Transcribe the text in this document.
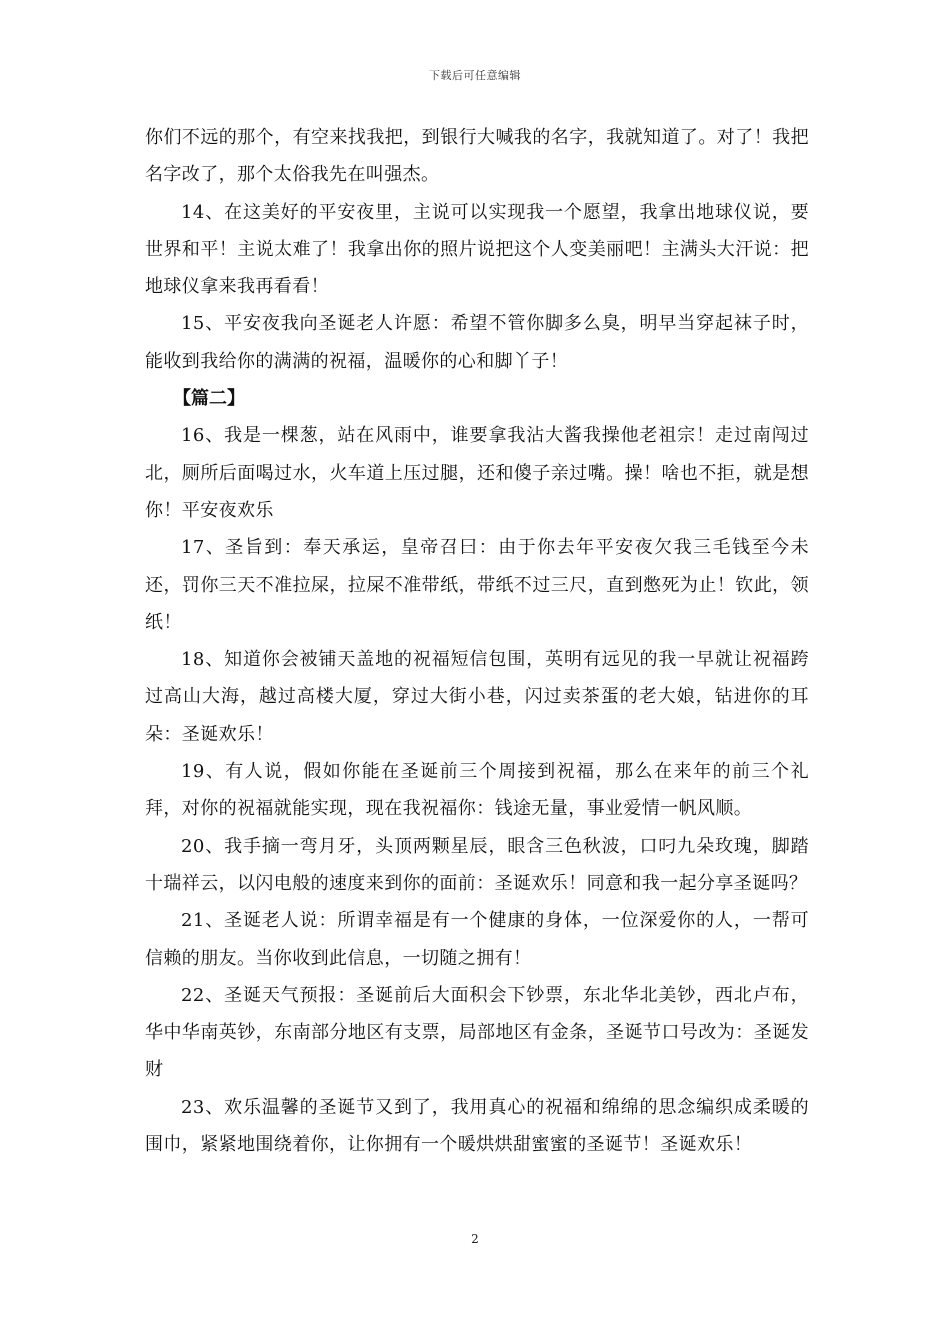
下载后可任意编辑

你们不远的那个，有空来找我把，到银行大喊我的名字，我就知道了。对了！我把名字改了，那个太俗我先在叫强杰。

14、在这美好的平安夜里，主说可以实现我一个愿望，我拿出地球仪说，要世界和平！主说太难了！我拿出你的照片说把这个人变美丽吧！主满头大汗说：把地球仪拿来我再看看！

15、平安夜我向圣诞老人许愿：希望不管你脚多么臭，明早当穿起袜子时，能收到我给你的满满的祝福，温暖你的心和脚丫子！

【篇二】

16、我是一棵葱，站在风雨中，谁要拿我沾大酱我操他老祖宗！走过南闯过北，厕所后面喝过水，火车道上压过腿，还和傻子亲过嘴。操！啥也不拒，就是想你！平安夜欢乐

17、圣旨到：奉天承运，皇帝召曰：由于你去年平安夜欠我三毛钱至今未还，罚你三天不准拉屎，拉屎不准带纸，带纸不过三尺，直到憋死为止！钦此，领纸！

18、知道你会被铺天盖地的祝福短信包围，英明有远见的我一早就让祝福跨过高山大海，越过高楼大厦，穿过大街小巷，闪过卖茶蛋的老大娘，钻进你的耳朵：圣诞欢乐！

19、有人说，假如你能在圣诞前三个周接到祝福，那么在来年的前三个礼拜，对你的祝福就能实现，现在我祝福你：钱途无量，事业爱情一帆风顺。

20、我手摘一弯月牙，头顶两颗星辰，眼含三色秋波，口叼九朵玫瑰，脚踏十瑞祥云，以闪电般的速度来到你的面前：圣诞欢乐！同意和我一起分享圣诞吗？

21、圣诞老人说：所谓幸福是有一个健康的身体，一位深爱你的人，一帮可信赖的朋友。当你收到此信息，一切随之拥有！

22、圣诞天气预报：圣诞前后大面积会下钞票，东北华北美钞，西北卢布，华中华南英钞，东南部分地区有支票，局部地区有金条，圣诞节口号改为：圣诞发财

23、欢乐温馨的圣诞节又到了，我用真心的祝福和绵绵的思念编织成柔暖的围巾，紧紧地围绕着你，让你拥有一个暖烘烘甜蜜蜜的圣诞节！圣诞欢乐！

2
